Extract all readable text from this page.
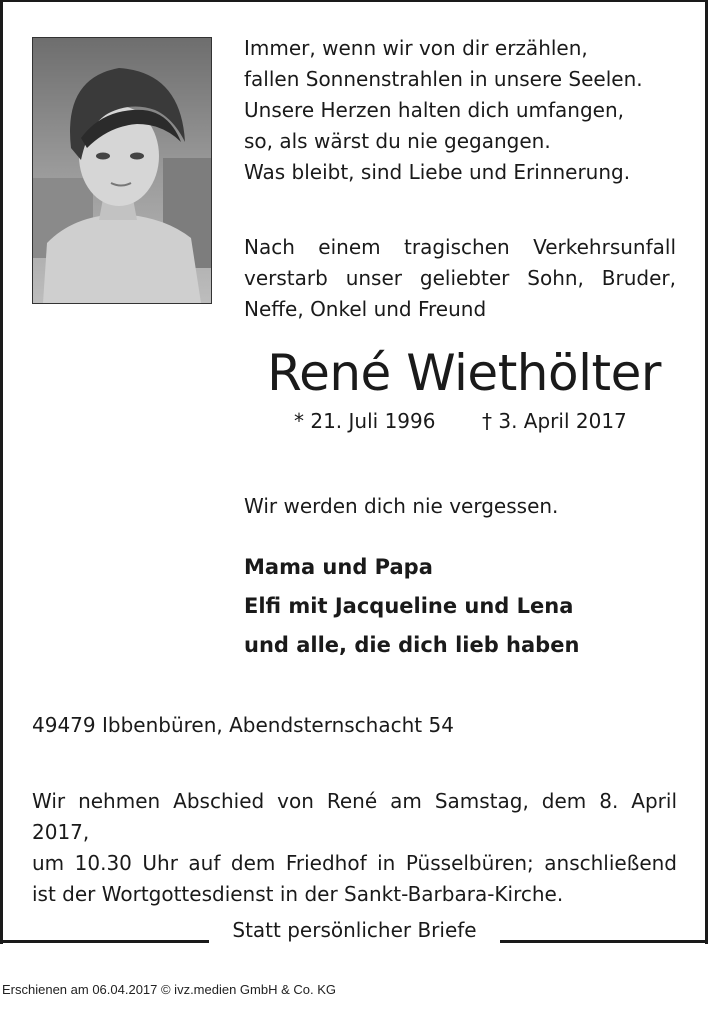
Immer, wenn wir von dir erzählen,
fallen Sonnenstrahlen in unsere Seelen.
Unsere Herzen halten dich umfangen,
so, als wärst du nie gegangen.
Was bleibt, sind Liebe und Erinnerung.
Nach einem tragischen Verkehrsunfall
verstarb unser geliebter Sohn, Bruder,
Neffe, Onkel und Freund
René Wiethölter
* 21. Juli 1996 † 3. April 2017
Wir werden dich nie vergessen.
Mama und Papa
Elfi mit Jacqueline und Lena
und alle, die dich lieb haben
49479 Ibbenbüren, Abendsternschacht 54
Wir nehmen Abschied von René am Samstag, dem 8. April 2017,
um 10.30 Uhr auf dem Friedhof in Püsselbüren; anschließend
ist der Wortgottesdienst in der Sankt-Barbara-Kirche.
Statt persönlicher Briefe
Erschienen am 06.04.2017 © ivz.medien GmbH & Co. KG
